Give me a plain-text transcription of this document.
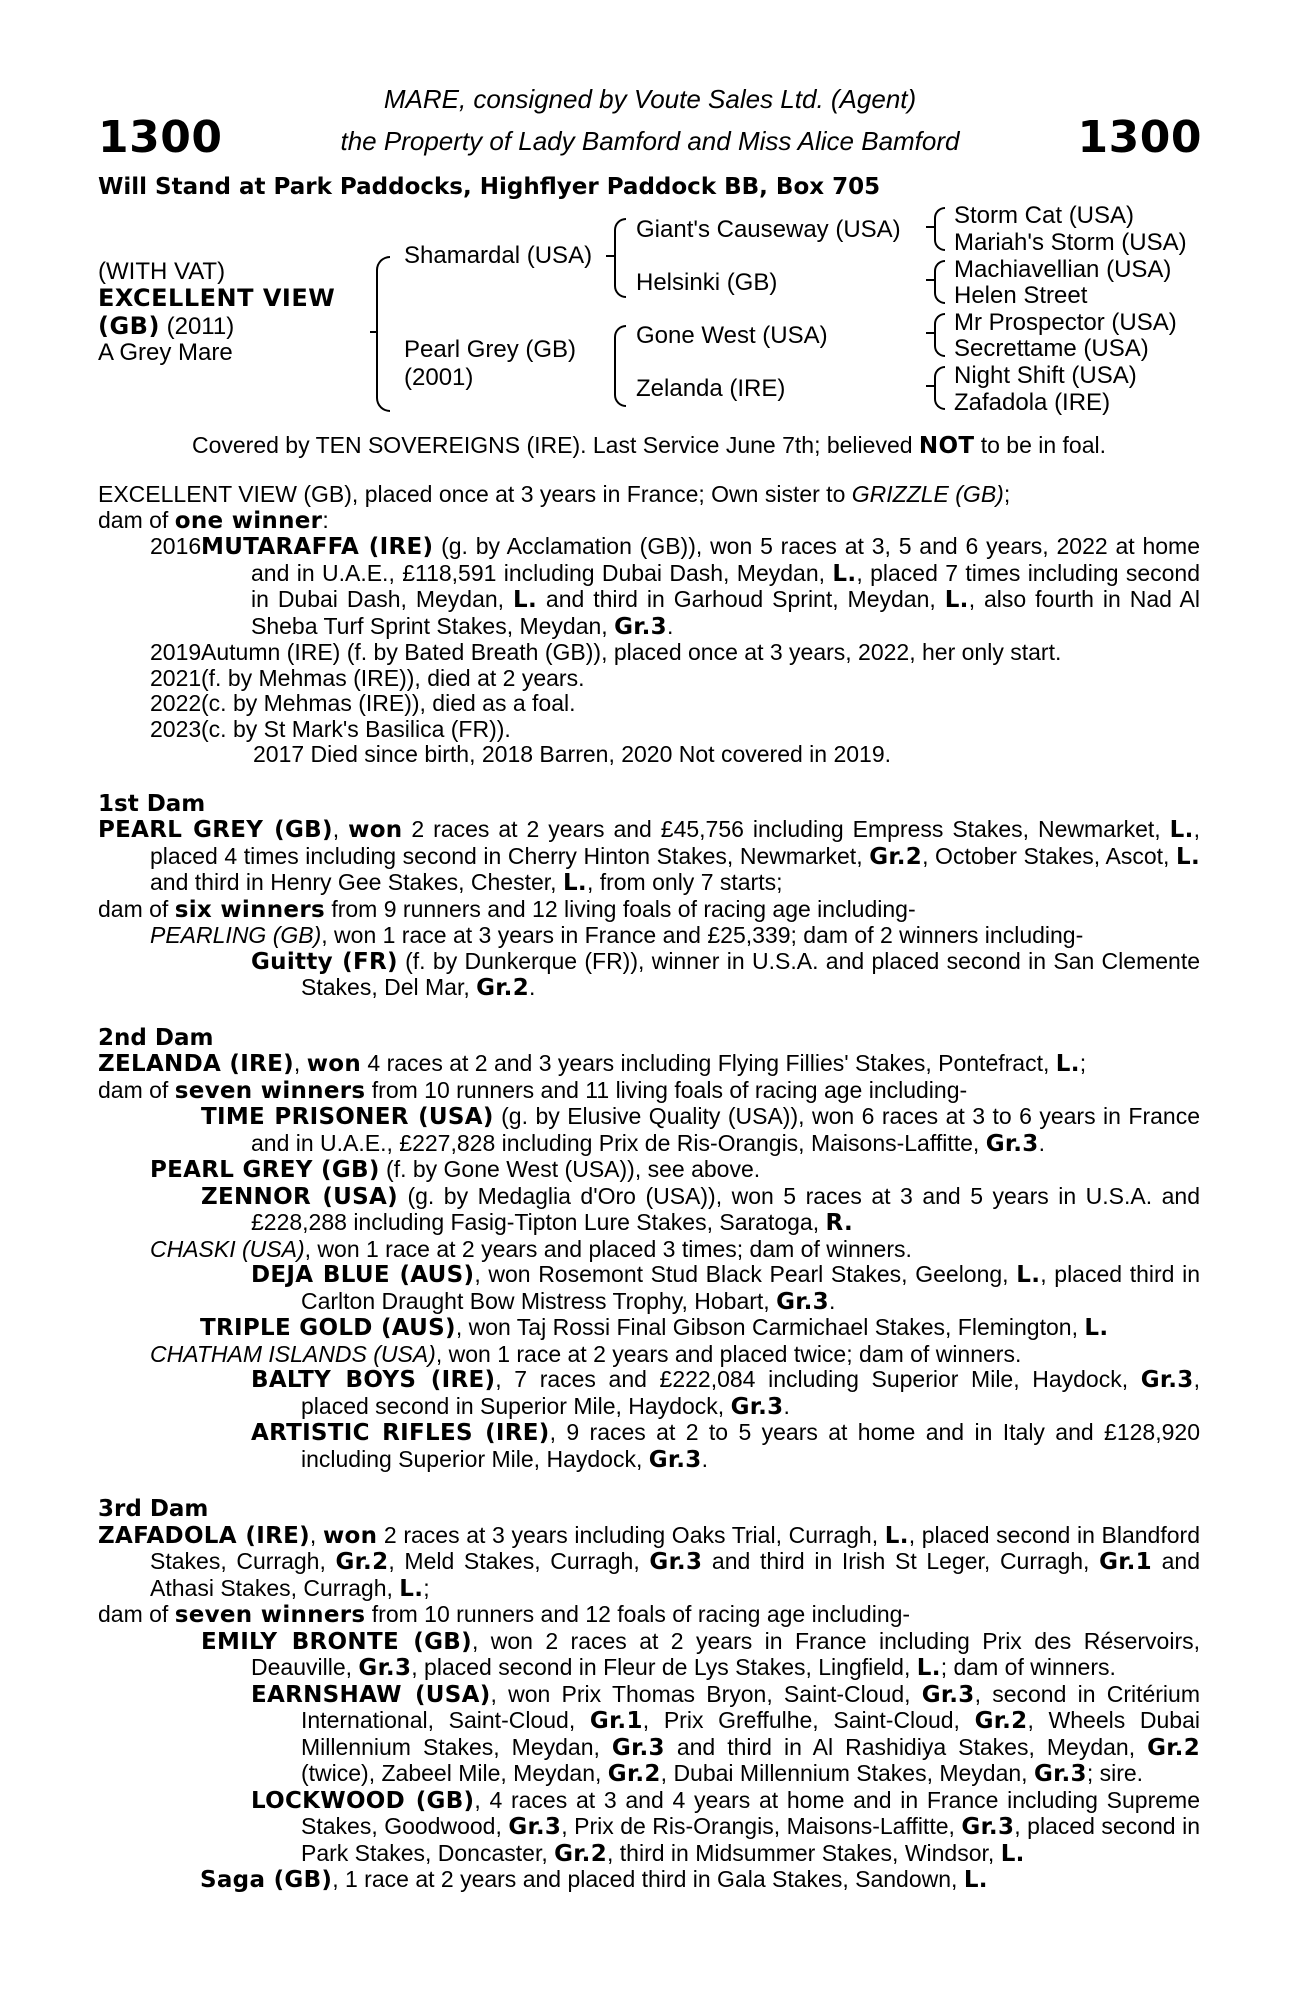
1300	1300
MARE, consigned by Voute Sales Ltd. (Agent)
the Property of Lady Bamford and Miss Alice Bamford
Will Stand at Park Paddocks, Highflyer Paddock BB, Box 705
(WITH VAT)
EXCELLENT VIEW
(GB) (2011)
A Grey Mare
Shamardal (USA)
Pearl Grey (GB)
(2001)
Giant's Causeway (USA)
Helsinki (GB)
Gone West (USA)
Zelanda (IRE)
Storm Cat (USA)
Mariah's Storm (USA)
Machiavellian (USA)
Helen Street
Mr Prospector (USA)
Secrettame (USA)
Night Shift (USA)
Zafadola (IRE)
Covered by TEN SOVEREIGNS (IRE). Last Service June 7th; believed NOT to be in foal.

EXCELLENT VIEW (GB), placed once at 3 years in France; Own sister to GRIZZLE (GB);
dam of one winner:

2016 MUTARAFFA (IRE) (g. by Acclamation (GB)), won 5 races at 3, 5 and 6 years, 2022 at home and in U.A.E., £118,591 including Dubai Dash, Meydan, L., placed 7 times including second in Dubai Dash, Meydan, L. and third in Garhoud Sprint, Meydan, L., also fourth in Nad Al Sheba Turf Sprint Stakes, Meydan, Gr.3.
2019 Autumn (IRE) (f. by Bated Breath (GB)), placed once at 3 years, 2022, her only start.
2021 (f. by Mehmas (IRE)), died at 2 years.
2022 (c. by Mehmas (IRE)), died as a foal.
2023 (c. by St Mark's Basilica (FR)).

2017 Died since birth, 2018 Barren, 2020 Not covered in 2019.

1st Dam

PEARL GREY (GB), won 2 races at 2 years and £45,756 including Empress Stakes, Newmarket, L., placed 4 times including second in Cherry Hinton Stakes, Newmarket, Gr.2, October Stakes, Ascot, L. and third in Henry Gee Stakes, Chester, L., from only 7 starts;

dam of six winners from 9 runners and 12 living foals of racing age including-

PEARLING (GB), won 1 race at 3 years in France and £25,339; dam of 2 winners including-

Guitty (FR) (f. by Dunkerque (FR)), winner in U.S.A. and placed second in San Clemente Stakes, Del Mar, Gr.2.

2nd Dam

ZELANDA (IRE), won 4 races at 2 and 3 years including Flying Fillies' Stakes, Pontefract, L.;

dam of seven winners from 10 runners and 11 living foals of racing age including-

TIME PRISONER (USA) (g. by Elusive Quality (USA)), won 6 races at 3 to 6 years in France and in U.A.E., £227,828 including Prix de Ris-Orangis, Maisons-Laffitte, Gr.3.

PEARL GREY (GB) (f. by Gone West (USA)), see above.

ZENNOR (USA) (g. by Medaglia d'Oro (USA)), won 5 races at 3 and 5 years in U.S.A. and £228,288 including Fasig-Tipton Lure Stakes, Saratoga, R.

CHASKI (USA), won 1 race at 2 years and placed 3 times; dam of winners.

DEJA BLUE (AUS), won Rosemont Stud Black Pearl Stakes, Geelong, L., placed third in Carlton Draught Bow Mistress Trophy, Hobart, Gr.3.

TRIPLE GOLD (AUS), won Taj Rossi Final Gibson Carmichael Stakes, Flemington, L.

CHATHAM ISLANDS (USA), won 1 race at 2 years and placed twice; dam of winners.

BALTY BOYS (IRE), 7 races and £222,084 including Superior Mile, Haydock, Gr.3, placed second in Superior Mile, Haydock, Gr.3.

ARTISTIC RIFLES (IRE), 9 races at 2 to 5 years at home and in Italy and £128,920 including Superior Mile, Haydock, Gr.3.

3rd Dam

ZAFADOLA (IRE), won 2 races at 3 years including Oaks Trial, Curragh, L., placed second in Blandford Stakes, Curragh, Gr.2, Meld Stakes, Curragh, Gr.3 and third in Irish St Leger, Curragh, Gr.1 and Athasi Stakes, Curragh, L.;

dam of seven winners from 10 runners and 12 foals of racing age including-

EMILY BRONTE (GB), won 2 races at 2 years in France including Prix des Réservoirs, Deauville, Gr.3, placed second in Fleur de Lys Stakes, Lingfield, L.; dam of winners.

EARNSHAW (USA), won Prix Thomas Bryon, Saint-Cloud, Gr.3, second in Critérium International, Saint-Cloud, Gr.1, Prix Greffulhe, Saint-Cloud, Gr.2, Wheels Dubai Millennium Stakes, Meydan, Gr.3 and third in Al Rashidiya Stakes, Meydan, Gr.2 (twice), Zabeel Mile, Meydan, Gr.2, Dubai Millennium Stakes, Meydan, Gr.3; sire.

LOCKWOOD (GB), 4 races at 3 and 4 years at home and in France including Supreme Stakes, Goodwood, Gr.3, Prix de Ris-Orangis, Maisons-Laffitte, Gr.3, placed second in Park Stakes, Doncaster, Gr.2, third in Midsummer Stakes, Windsor, L.

Saga (GB), 1 race at 2 years and placed third in Gala Stakes, Sandown, L.
